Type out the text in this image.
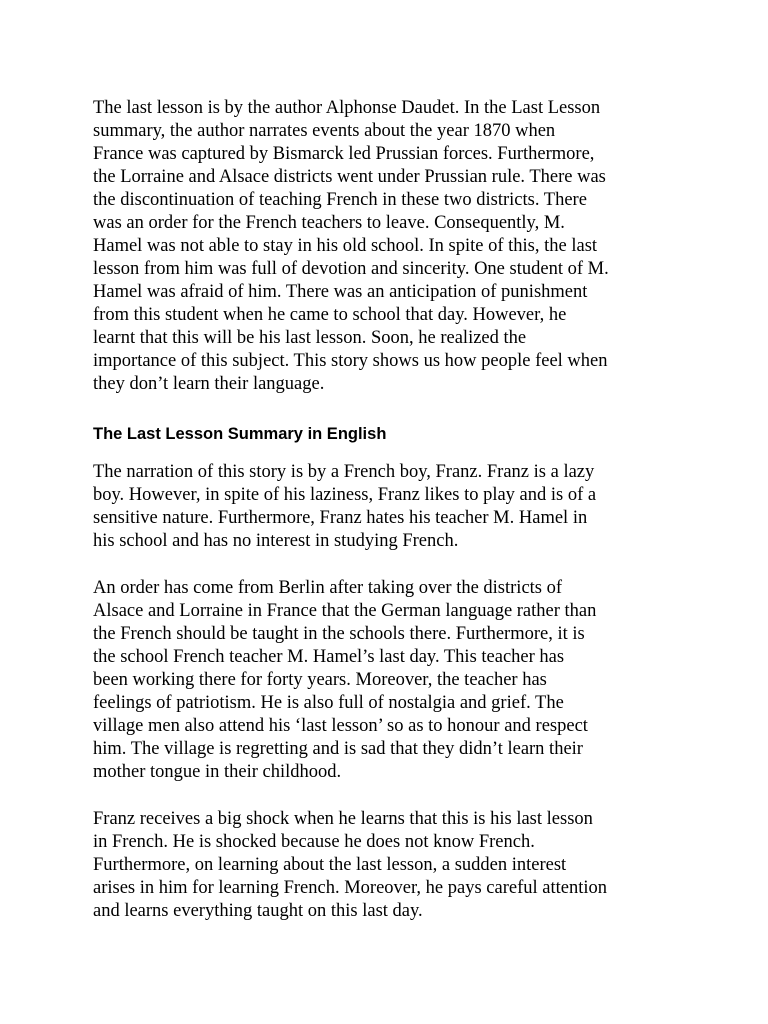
The last lesson is by the author Alphonse Daudet. In the Last Lesson
summary, the author narrates events about the year 1870 when
France was captured by Bismarck led Prussian forces. Furthermore,
the Lorraine and Alsace districts went under Prussian rule. There was
the discontinuation of teaching French in these two districts. There
was an order for the French teachers to leave. Consequently, M.
Hamel was not able to stay in his old school. In spite of this, the last
lesson from him was full of devotion and sincerity. One student of M.
Hamel was afraid of him. There was an anticipation of punishment
from this student when he came to school that day. However, he
learnt that this will be his last lesson. Soon, he realized the
importance of this subject. This story shows us how people feel when
they don’t learn their language.

The Last Lesson Summary in English

The narration of this story is by a French boy, Franz. Franz is a lazy
boy. However, in spite of his laziness, Franz likes to play and is of a
sensitive nature. Furthermore, Franz hates his teacher M. Hamel in
his school and has no interest in studying French.

An order has come from Berlin after taking over the districts of
Alsace and Lorraine in France that the German language rather than
the French should be taught in the schools there. Furthermore, it is
the school French teacher M. Hamel’s last day. This teacher has
been working there for forty years. Moreover, the teacher has
feelings of patriotism. He is also full of nostalgia and grief. The
village men also attend his ‘last lesson’ so as to honour and respect
him. The village is regretting and is sad that they didn’t learn their
mother tongue in their childhood.

Franz receives a big shock when he learns that this is his last lesson
in French. He is shocked because he does not know French.
Furthermore, on learning about the last lesson, a sudden interest
arises in him for learning French. Moreover, he pays careful attention
and learns everything taught on this last day.
